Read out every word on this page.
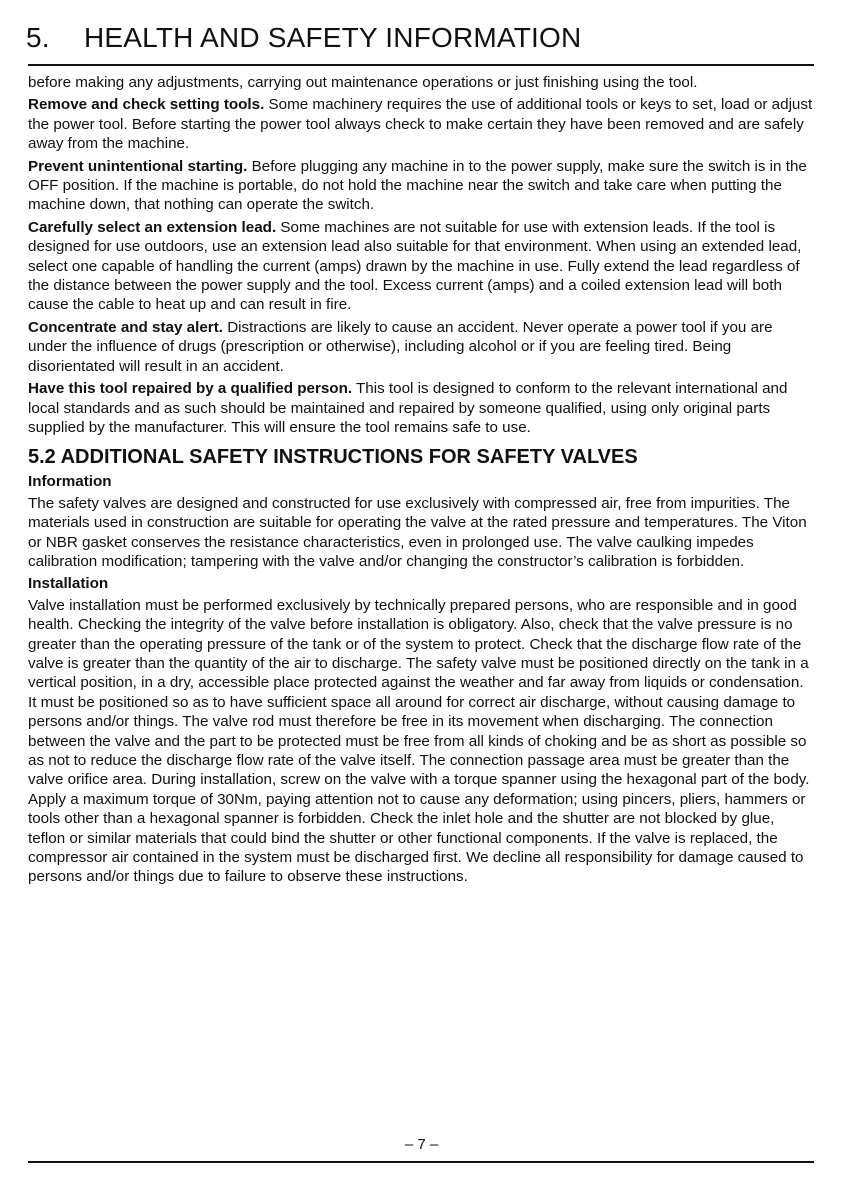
5. HEALTH AND SAFETY INFORMATION

before making any adjustments, carrying out maintenance operations or just finishing using the tool.

Remove and check setting tools. Some machinery requires the use of additional tools or keys to set, load or adjust the power tool. Before starting the power tool always check to make certain they have been removed and are safely away from the machine.

Prevent unintentional starting. Before plugging any machine in to the power supply, make sure the switch is in the OFF position. If the machine is portable, do not hold the machine near the switch and take care when putting the machine down, that nothing can operate the switch.

Carefully select an extension lead. Some machines are not suitable for use with extension leads. If the tool is designed for use outdoors, use an extension lead also suitable for that environment. When using an extended lead, select one capable of handling the current (amps) drawn by the machine in use. Fully extend the lead regardless of the distance between the power supply and the tool. Excess current (amps) and a coiled extension lead will both cause the cable to heat up and can result in fire.

Concentrate and stay alert. Distractions are likely to cause an accident. Never operate a power tool if you are under the influence of drugs (prescription or otherwise), including alcohol or if you are feeling tired. Being disorientated will result in an accident.

Have this tool repaired by a qualified person. This tool is designed to conform to the relevant international and local standards and as such should be maintained and repaired by someone qualified, using only original parts supplied by the manufacturer. This will ensure the tool remains safe to use.

5.2 ADDITIONAL SAFETY INSTRUCTIONS FOR SAFETY VALVES
Information

The safety valves are designed and constructed for use exclusively with compressed air, free from impurities. The materials used in construction are suitable for operating the valve at the rated pressure and temperatures. The Viton or NBR gasket conserves the resistance characteristics, even in prolonged use. The valve caulking impedes calibration modification; tampering with the valve and/or changing the constructor’s calibration is forbidden.

Installation

Valve installation must be performed exclusively by technically prepared persons, who are responsible and in good health. Checking the integrity of the valve before installation is obligatory. Also, check that the valve pressure is no greater than the operating pressure of the tank or of the system to protect. Check that the discharge flow rate of the valve is greater than the quantity of the air to discharge. The safety valve must be positioned directly on the tank in a vertical position, in a dry, accessible place protected against the weather and far away from liquids or condensation. It must be positioned so as to have sufficient space all around for correct air discharge, without causing damage to persons and/or things. The valve rod must therefore be free in its movement when discharging. The connection between the valve and the part to be protected must be free from all kinds of choking and be as short as possible so as not to reduce the discharge flow rate of the valve itself. The connection passage area must be greater than the valve orifice area. During installation, screw on the valve with a torque spanner using the hexagonal part of the body. Apply a maximum torque of 30Nm, paying attention not to cause any deformation; using pincers, pliers, hammers or tools other than a hexagonal spanner is forbidden. Check the inlet hole and the shutter are not blocked by glue, teflon or similar materials that could bind the shutter or other functional components. If the valve is replaced, the compressor air contained in the system must be discharged first. We decline all responsibility for damage caused to persons and/or things due to failure to observe these instructions.

– 7 –
